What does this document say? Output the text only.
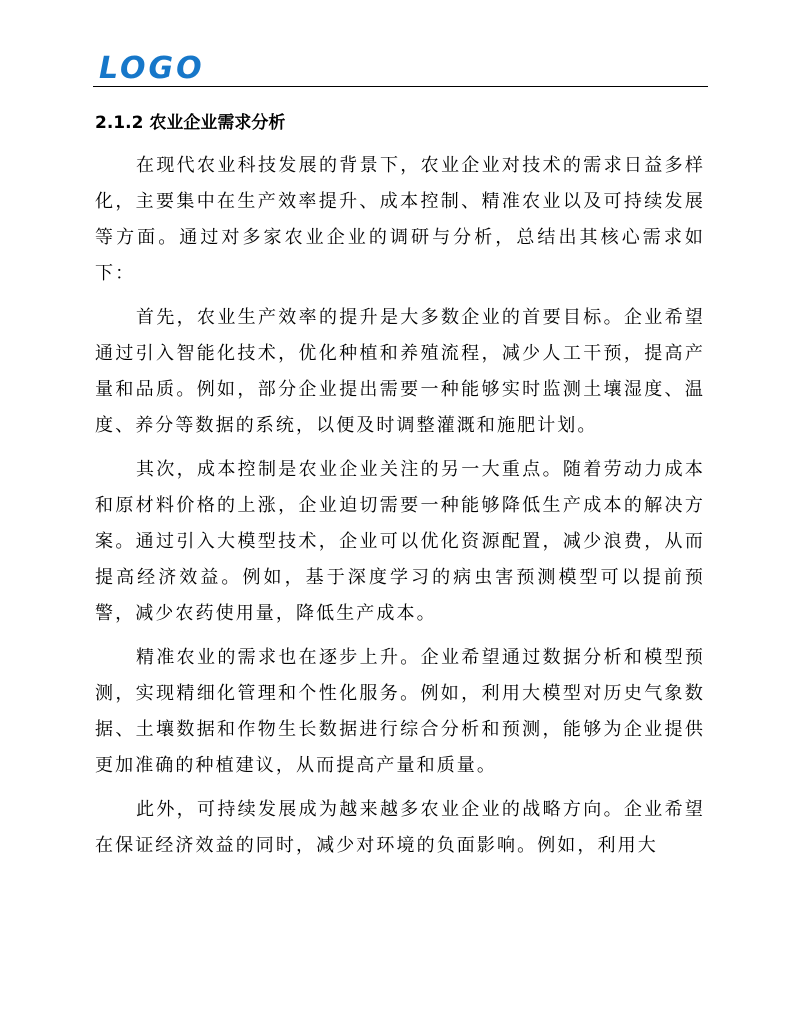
LOGO
2.1.2 农业企业需求分析

在现代农业科技发展的背景下，农业企业对技术的需求日益多样化，主要集中在生产效率提升、成本控制、精准农业以及可持续发展等方面。通过对多家农业企业的调研与分析，总结出其核心需求如下：

首先，农业生产效率的提升是大多数企业的首要目标。企业希望通过引入智能化技术，优化种植和养殖流程，减少人工干预，提高产量和品质。例如，部分企业提出需要一种能够实时监测土壤湿度、温度、养分等数据的系统，以便及时调整灌溉和施肥计划。

其次，成本控制是农业企业关注的另一大重点。随着劳动力成本和原材料价格的上涨，企业迫切需要一种能够降低生产成本的解决方案。通过引入大模型技术，企业可以优化资源配置，减少浪费，从而提高经济效益。例如，基于深度学习的病虫害预测模型可以提前预警，减少农药使用量，降低生产成本。

精准农业的需求也在逐步上升。企业希望通过数据分析和模型预测，实现精细化管理和个性化服务。例如，利用大模型对历史气象数据、土壤数据和作物生长数据进行综合分析和预测，能够为企业提供更加准确的种植建议，从而提高产量和质量。

此外，可持续发展成为越来越多农业企业的战略方向。企业希望在保证经济效益的同时，减少对环境的负面影响。例如，利用大
